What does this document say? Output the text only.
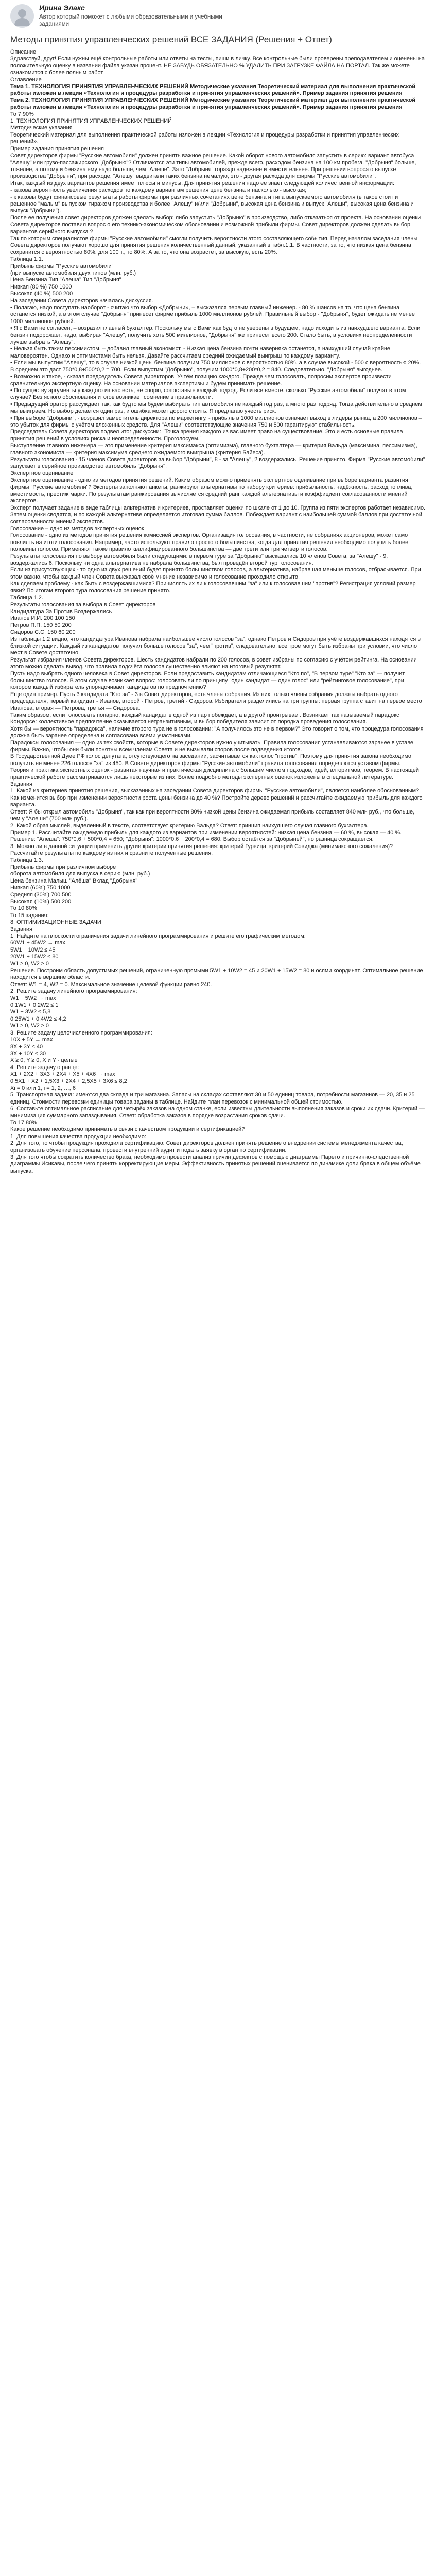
Ирина Элакс
Автор который поможет с любыми образовательными и учебными заданиями
Методы принятия управленческих решений ВСЕ ЗАДАНИЯ (Решения + Ответ)

Описание

Здравствуй, друг! Если нужны ещё контрольные работы или ответы на тесты, пиши в личку. Все контрольные были проверены преподавателем и оценены на положительную оценку в названии файла указан процент. НЕ ЗАБУДЬ ОБЯЗАТЕЛЬНО % УДАЛИТЬ ПРИ ЗАГРУЗКЕ ФАЙЛА НА ПОРТАЛ. Так же можете ознакомится с более полным работ

Оглавление

Тема 1. ТЕХНОЛОГИЯ ПРИНЯТИЯ УПРАВЛЕНЧЕСКИХ РЕШЕНИЙ Методические указания Теоретический материал для выполнения практической работы изложен в лекции «Технология и процедуры разработки и принятия управленческих решений». Пример задания принятия решения

Тема 2. ТЕХНОЛОГИЯ ПРИНЯТИЯ УПРАВЛЕНЧЕСКИХ РЕШЕНИЙ Методические указания Теоретический материал для выполнения практической работы изложен в лекции «Технология и процедуры разработки и принятия управленческих решений». Пример задания принятия решения

То 7 90%

1. ТЕХНОЛОГИЯ ПРИНЯТИЯ УПРАВЛЕНЧЕСКИХ РЕШЕНИЙ

Методические указания

Теоретический материал для выполнения практической работы изложен в лекции «Технология и процедуры разработки и принятия управленческих решений».

Пример задания принятия решения

Совет директоров фирмы "Русские автомобили" должен принять важное решение. Какой оборот нового автомобиля запустить в серию: вариант автобуса "Алешу" или грузо-пассажирского "Добрыню"? Отличаются эти типы автомобилей, прежде всего, расходом бензина на 100 км пробега. "Добрыня" больше, тяжелее, а потому и бензина ему надо больше, чем "Алеше". Зато "Добрыня" гораздо надежнее и вместительнее. При решении вопроса о выпуске производства "Добрыни", при расходе, "Алешу" выдвигали таких бензина немалую, это - другая расхода для фирмы "Русские автомобили".

Итак, каждый из двух вариантов решения имеет плюсы и минусы. Для принятия решения надо ее знает следующей количественной информации:

- какова вероятность увеличения расходов по каждому вариантам решения цене бензина и насколько - высокая;

- к каковы будут финансовые результаты работы фирмы при различных сочетаниях цене бензина и типа выпускаемого автомобиля (в такое стоит и решенное "малым" выпуском тиражом производства и более "Алешу" и/или "Добрыни", высокая цена бензина и выпуск "Алеши", высокая цена бензина и выпуск "Добрыни").

После ее получения совет директоров должен сделать выбор: либо запустить "Добрыню" в производство, либо отказаться от проекта. На основании оценки Совета директоров поставил вопрос о его технико-экономическом обосновании и возможной прибыли фирмы. Совет директоров должен сделать выбор вариантов серийного выпуска ?

Так по которым специалистов фирмы "Русские автомобили" смогли получить вероятности этого составляющего события. Перед началом заседания члены Совета директоров получают хорошо для принятия решения количественный данный, указанный в табл.1.1. В частности, за то, что низкая цена бензина сохранится с вероятностью 80%, для 100 т., то 80%. А за то, что она возрастет, за высокую, есть 20%.

Таблица 1.1.

Прибыль фирмы "Русские автомобили"

(при выпуске автомобиля двух типов (млн. руб.)

Цена Бензина Тип "Алеша" Тип "Добрыня"

Низкая (80 %) 750 1000

Высокая (40 %) 500 200

На заседании Совета директоров началась дискуссия.

• Полагаю, надо поступать наоборот - считаю что выбор «Добрыни», – высказался первым главный инженер. - 80 % шансов на то, что цена бензина останется низкой, а в этом случае "Добрыня" принесет фирме прибыль 1000 миллионов рублей. Правильный выбор - "Добрыня", будет ожидать не менее 1000 миллионов рублей.

• Я с Вами не согласен, – возразил главный бухгалтер. Поскольку мы с Вами как будто не уверены в будущем, надо исходить из наихудшего варианта. Если бензин подорожает, надо, выбирая "Алешу", получить хоть 500 миллионов, "Добрыня" же принесет всего 200. Стало быть, в условиях неопределенности лучше выбрать "Алешу".

• Нельзя быть таким пессимистом, – добавил главный экономист. - Низкая цена бензина почти наверняка останется, а наихудший случай крайне маловероятен. Однако и оптимистами быть нельзя. Давайте рассчитаем средний ожидаемый выигрыш по каждому варианту.

• Если мы выпустим "Алешу", то в случае низкой цены бензина получим 750 миллионов с вероятностью 80%, а в случае высокой - 500 с вероятностью 20%. В среднем это даст 750*0,8+500*0,2 = 700. Если выпустим "Добрыню", получим 1000*0,8+200*0,2 = 840. Следовательно, "Добрыня" выгоднее.

• Возможно и такое, - сказал председатель Совета директоров. Учтём позицию каждого. Прежде чем голосовать, попросим экспертов произвести сравнительную экспертную оценку. На основании материалов экспертизы и будем принимать решение.

• По существу аргументы у каждого из вас есть, не спорю, сопоставьте каждый подход. Если все вместе, сколько "Русские автомобили" получат в этом случае? Без ясного обоснования итогов возникает сомнение в правильности.

• Предыдущий оратор рассуждает так, как будто мы будем выбирать тип автомобиля не каждый год раз, а много раз подряд. Тогда действительно в среднем мы выиграем. Но выбор делается один раз, и ошибка может дорого стоить. Я предлагаю учесть риск.

• При выборе "Добрыни", - возразил заместитель директора по маркетингу, - прибыль в 1000 миллионов означает выход в лидеры рынка, а 200 миллионов – это убыток для фирмы с учётом вложенных средств. Для "Алеши" соответствующие значения 750 и 500 гарантируют стабильность.

Председатель Совета директоров подвел итог дискуссии: "Точка зрения каждого из вас имеет право на существование. Это и есть основные правила принятия решений в условиях риска и неопределённости. Проголосуем."

Выступление главного инженера — это применение критерия максимакса (оптимизма), главного бухгалтера — критерия Вальда (максимина, пессимизма), главного экономиста — критерия максимума среднего ожидаемого выигрыша (критерия Байеса).

Результаты голосования - 15 членов Совета директоров за выбор "Добрыни", 8 - за "Алешу", 2 воздержались. Решение принято. Фирма "Русские автомобили" запускает в серийное производство автомобиль "Добрыня".

Экспертное оценивание

Экспертное оценивание - одно из методов принятия решений. Каким образом можно применять экспертное оценивание при выборе варианта развития фирмы "Русские автомобили"? Эксперты заполняют анкеты, ранжируют альтернативы по набору критериев: прибыльность, надёжность, расход топлива, вместимость, престиж марки. По результатам ранжирования вычисляется средний ранг каждой альтернативы и коэффициент согласованности мнений экспертов.

Эксперт получает задание в виде таблицы альтернатив и критериев, проставляет оценки по шкале от 1 до 10. Группа из пяти экспертов работает независимо. Затем оценки сводятся, и по каждой альтернативе определяется итоговая сумма баллов. Побеждает вариант с наибольшей суммой баллов при достаточной согласованности мнений экспертов.

Голосование – одно из методов экспертных оценок

Голосование - одно из методов принятия решения комиссией экспертов. Организация голосования, в частности, не собраниях акционеров, может само повлиять на итоги голосования. Например, часто используют правило простого большинства, когда для принятия решения необходимо получить более половины голосов. Применяют также правило квалифицированного большинства — две трети или три четверти голосов.

Результаты голосования по выбору автомобиля были следующими: в первом туре за "Добрыню" высказались 10 членов Совета, за "Алешу" - 9, воздержались 6. Поскольку ни одна альтернатива не набрала большинства, был проведён второй тур голосования.

Если из присутствующих - то одно из двух решений будет принято большинством голосов, а альтернатива, набравшая меньше голосов, отбрасывается. При этом важно, чтобы каждый член Совета высказал своё мнение независимо и голосование проходило открыто.

Как сделаем проблему - как быть с воздержавшимися? Причислять их ли к голосовавшим "за" или к голосовавшим "против"? Регистрация условий размер явки? По итогам второго тура голосования решение принято.

Таблица 1.2.

Результаты голосования за выбора в Совет директоров

Кандидатура За Против Воздержались

Иванов И.И. 200 100 150

Петров П.П. 150 50 200

Сидоров С.С. 150 60 200

Из таблицы 1.2 видно, что кандидатура Иванова набрала наибольшее число голосов "за", однако Петров и Сидоров при учёте воздержавшихся находятся в близкой ситуации. Каждый из кандидатов получил больше голосов "за", чем "против", следовательно, все трое могут быть избраны при условии, что число мест в Совете достаточно.

Результат избрания членов Совета директоров. Шесть кандидатов набрали по 200 голосов, в совет избраны по согласию с учётом рейтинга. На основании этого можно сделать вывод, что правила подсчёта голосов существенно влияют на итоговый результат.

Пусть надо выбрать одного человека в Совет директоров. Если предоставить кандидатам отличающиеся "Кто по", "В первом туре" "Кто за" — получит большинство голосов. В этом случае возникает вопрос: голосовать ли по принципу "один кандидат — один голос" или "рейтинговое голосование", при котором каждый избиратель упорядочивает кандидатов по предпочтению?

Еще один пример. Пусть 3 кандидата "Кто за" - 3 в Совет директоров, есть члены собрания. Из них только члены собрания должны выбрать одного председателя, первый кандидат - Иванов, второй - Петров, третий - Сидоров. Избиратели разделились на три группы: первая группа ставит на первое место Иванова, вторая — Петрова, третья — Сидорова.

Таким образом, если голосовать попарно, каждый кандидат в одной из пар побеждает, а в другой проигрывает. Возникает так называемый парадокс Кондорсе: коллективное предпочтение оказывается нетранзитивным, и выбор победителя зависит от порядка проведения голосования.

Хотя бы — вероятность "парадокса", наличие второго тура не в голосовании: "А получилось это не в первом?" Это говорит о том, что процедура голосования должна быть заранее определена и согласована всеми участниками.

Парадоксы голосования — одно из тех свойств, которые в Совете директоров нужно учитывать. Правила голосования устанавливаются заранее в уставе фирмы. Важно, чтобы они были понятны всем членам Совета и не вызывали споров после подведения итогов.

В Государственной Думе РФ голос депутата, отсутствующего на заседании, засчитывается как голос "против". Поэтому для принятия закона необходимо получить не менее 226 голосов "за" из 450. В Совете директоров фирмы "Русские автомобили" правила голосования определяются уставом фирмы.

Теория и практика экспертных оценок - развитая научная и практическая дисциплина с большим числом подходов, идей, алгоритмов, теорем. В настоящей практической работе рассматриваются лишь некоторые из них. Более подробно методы экспертных оценок изложены в специальной литературе.

Задания

1. Какой из критериев принятия решения, высказанных на заседании Совета директоров фирмы "Русские автомобили", является наиболее обоснованным? Как изменится выбор при изменении вероятности роста цены бензина до 40 %? Постройте дерево решений и рассчитайте ожидаемую прибыль для каждого варианта.

Ответ: Я бы открыл автомобиль "Добрыня", так как при вероятности 80% низкой цены бензина ожидаемая прибыль составляет 840 млн руб., что больше, чем у "Алеши" (700 млн руб.).

2. Какой образ мыслей, выделенный в тексте, соответствует критерию Вальда? Ответ: принцип наихудшего случая главного бухгалтера.

Пример 1. Рассчитайте ожидаемую прибыль для каждого из вариантов при изменении вероятностей: низкая цена бензина — 60 %, высокая — 40 %. Решение: "Алеша": 750*0,6 + 500*0,4 = 650; "Добрыня": 1000*0,6 + 200*0,4 = 680. Выбор остаётся за "Добрыней", но разница сокращается.

3. Можно ли в данной ситуации применить другие критерии принятия решения: критерий Гурвица, критерий Сэвиджа (минимаксного сожаления)? Рассчитайте результаты по каждому из них и сравните полученные решения.

Таблица 1.3.

Прибыль фирмы при различном выборе

оборота автомобиля для выпуска в серию (млн. руб.)

Цена бензина Малыш "Алёша" Вклад "Добрыня"

Низкая (60%) 750 1000

Средняя (30%) 700 500

Высокая (10%) 500 200

То 10 80%

То 15 задания:

8. ОПТИМИЗАЦИОННЫЕ ЗАДАЧИ

Задания

1. Найдите на плоскости ограничения задачи линейного программирования и решите его графическим методом:

60W1 + 45W2 → max

5W1 + 10W2 ≤ 45

20W1 + 15W2 ≤ 80

W1 ≥ 0, W2 ≥ 0

Решение. Построим область допустимых решений, ограниченную прямыми 5W1 + 10W2 = 45 и 20W1 + 15W2 = 80 и осями координат. Оптимальное решение находится в вершине области.

Ответ: W1 = 4, W2 = 0. Максимальное значение целевой функции равно 240.

2. Решите задачу линейного программирования:

W1 + 5W2 → max

0,1W1 + 0,2W2 ≤ 1

W1 + 3W2 ≤ 5,8

0,25W1 + 0,4W2 ≤ 4,2

W1 ≥ 0, W2 ≥ 0

3. Решите задачу целочисленного программирования:

10X + 5Y → max

8X + 3Y ≤ 40

3X + 10Y ≤ 30

X ≥ 0, Y ≥ 0, X и Y - целые

4. Решите задачу о ранце:

X1 + 2X2 + 3X3 + 2X4 + X5 + 4X6 → max

0,5X1 + X2 + 1,5X3 + 2X4 + 2,5X5 + 3X6 ≤ 8,2

Xi = 0 или 1, i = 1, 2, …, 6

5. Транспортная задача: имеются два склада и три магазина. Запасы на складах составляют 30 и 50 единиц товара, потребности магазинов — 20, 35 и 25 единиц. Стоимости перевозки единицы товара заданы в таблице. Найдите план перевозок с минимальной общей стоимостью.

6. Составьте оптимальное расписание для четырёх заказов на одном станке, если известны длительности выполнения заказов и сроки их сдачи. Критерий — минимизация суммарного запаздывания. Ответ: обработка заказов в порядке возрастания сроков сдачи.

То 17 80%

Какое решение необходимо принимать в связи с качеством продукции и сертификацией?

1. Для повышения качества продукции необходимо:

2. Для того, то чтобы продукция проходила сертификацию: Совет директоров должен принять решение о внедрении системы менеджмента качества, организовать обучение персонала, провести внутренний аудит и подать заявку в орган по сертификации.

3. Для того чтобы сократить количество брака, необходимо провести анализ причин дефектов с помощью диаграммы Парето и причинно-следственной диаграммы Исикавы, после чего принять корректирующие меры. Эффективность принятых решений оценивается по динамике доли брака в общем объёме выпуска.
